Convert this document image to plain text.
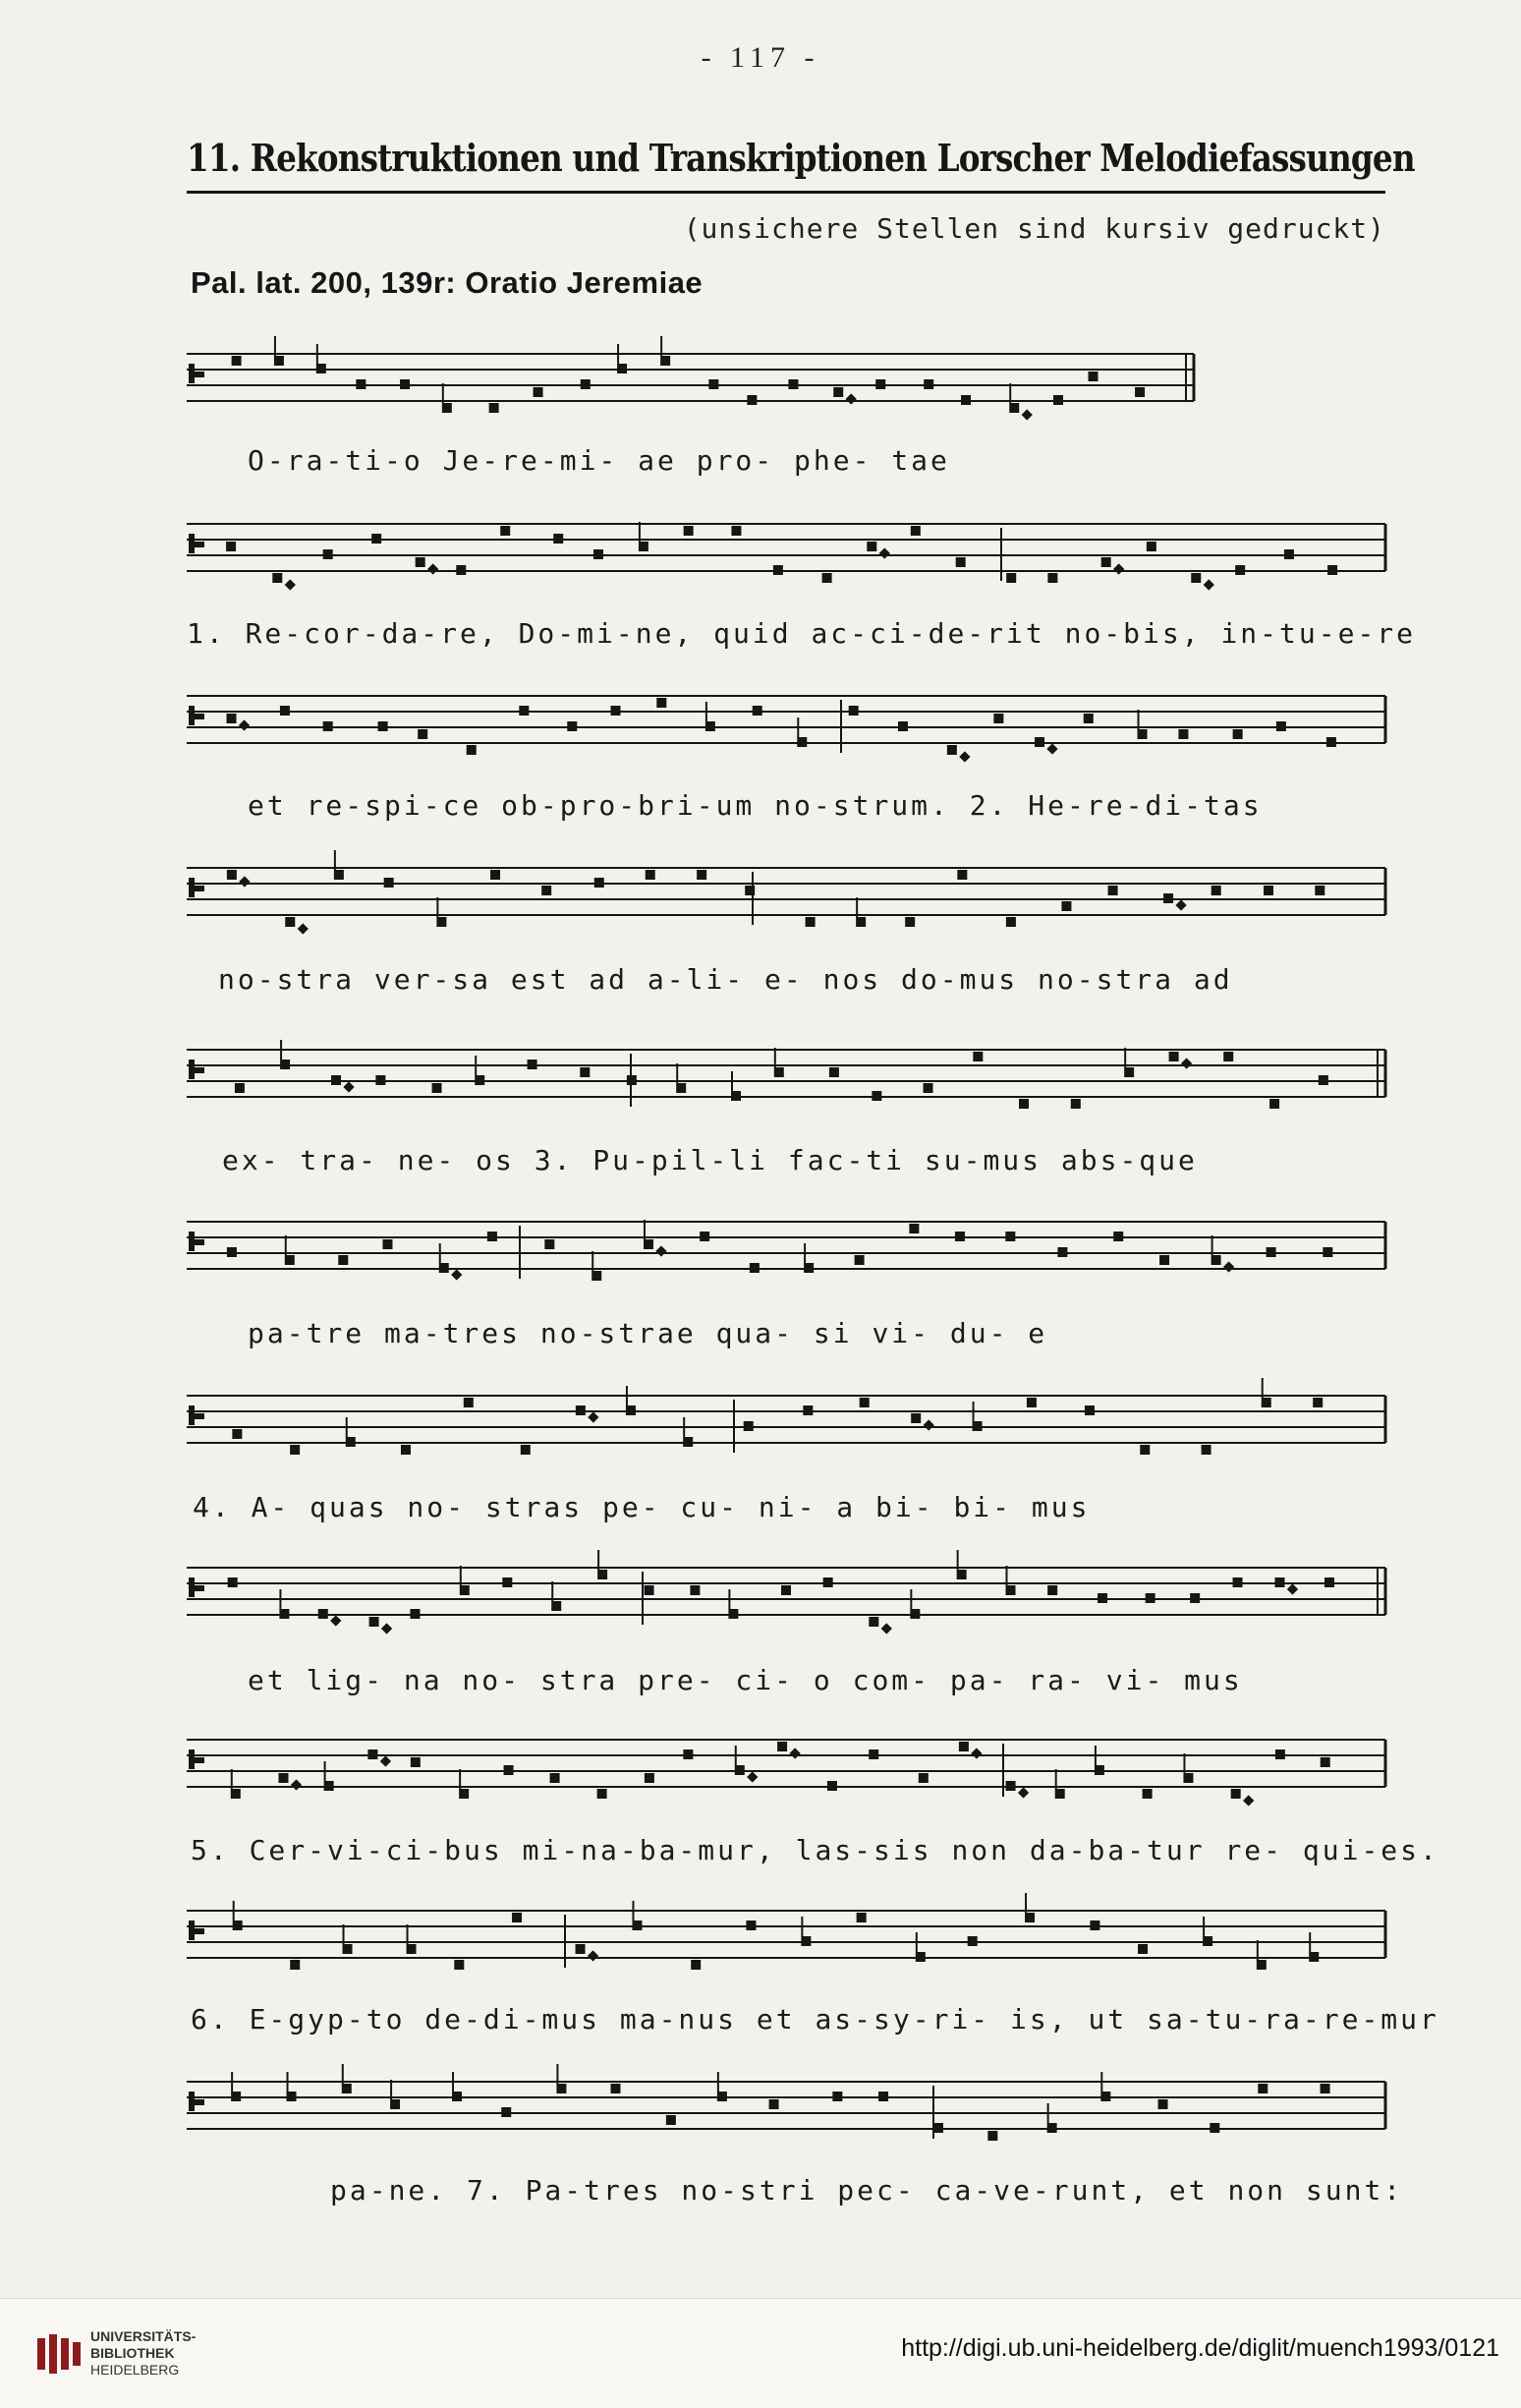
- 117 -
11. Rekonstruktionen und Transkriptionen Lorscher Melodiefassungen
(unsichere Stellen sind kursiv gedruckt)
Pal. lat. 200, 139r: Oratio Jeremiae
O-ra-ti-o Je-re-mi- ae pro- phe- tae
1. Re-cor-da-re, Do-mi-ne, quid ac-ci-de-rit no-bis, in-tu-e-re
et re-spi-ce ob-pro-bri-um no-strum. 2. He-re-di-tas
no-stra ver-sa est ad a-li- e- nos do-mus no-stra ad
ex- tra- ne- os 3. Pu-pil-li fac-ti su-mus abs-que
pa-tre ma-tres no-strae qua- si vi- du- e
4. A- quas no- stras pe- cu- ni- a bi- bi- mus
et lig- na no- stra pre- ci- o com- pa- ra- vi- mus
5. Cer-vi-ci-bus mi-na-ba-mur, las-sis non da-ba-tur re- qui-es.
6. E-gyp-to de-di-mus ma-nus et as-sy-ri- is, ut sa-tu-ra-re-mur
pa-ne. 7. Pa-tres no-stri pec- ca-ve-runt, et non sunt:
UNIVERSITÄTS-
BIBLIOTHEK
HEIDELBERG
http://digi.ub.uni-heidelberg.de/diglit/muench1993/0121
